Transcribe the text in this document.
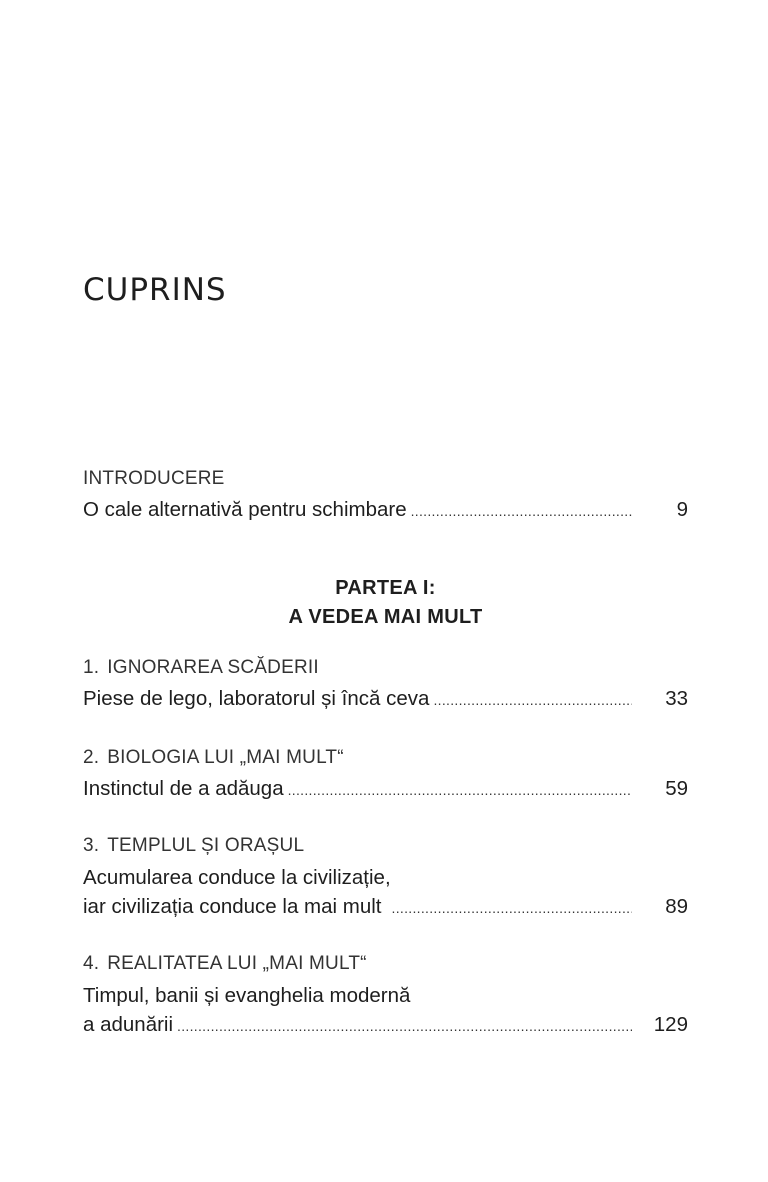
CUPRINS
INTRODUCERE
O cale alternativă pentru schimbare .....	9
PARTEA I:
A VEDEA MAI MULT
1. IGNORAREA SCĂDERII
Piese de lego, laboratorul și încă ceva .....	33
2. BIOLOGIA LUI „MAI MULT“
Instinctul de a adăuga .....	59
3. TEMPLUL ȘI ORAȘUL
Acumularea conduce la civilizație,
iar civilizația conduce la mai mult .....	89
4. REALITATEA LUI „MAI MULT“
Timpul, banii și evanghelia modernă
a adunării .....	129
